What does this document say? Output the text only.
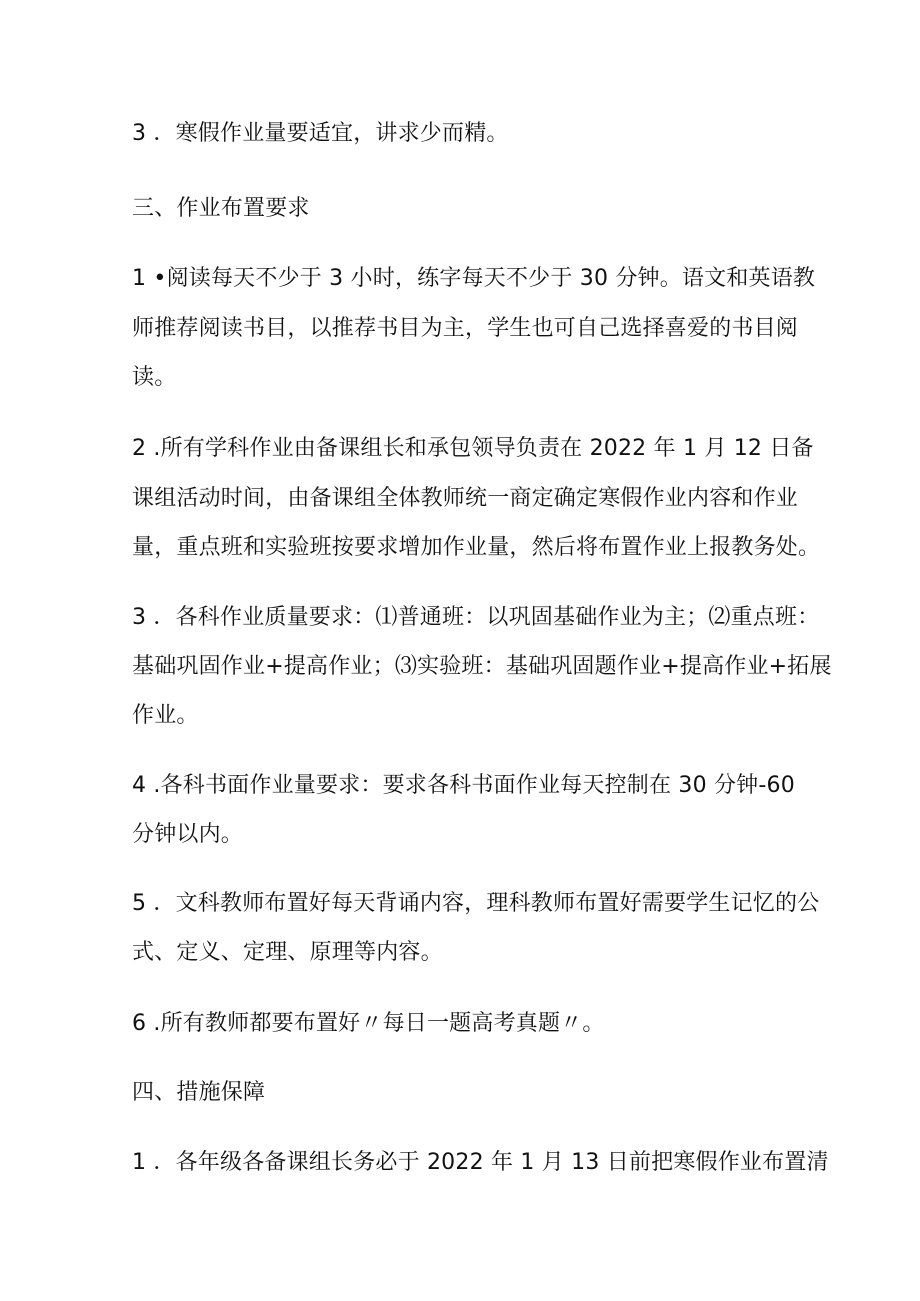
3 ．寒假作业量要适宜，讲求少而精。
三、作业布置要求
1 •阅读每天不少于 3 小时，练字每天不少于 30 分钟。语文和英语教
师推荐阅读书目，以推荐书目为主，学生也可自己选择喜爱的书目阅
读。
2 .所有学科作业由备课组长和承包领导负责在 2022 年 1 月 12 日备
课组活动时间，由备课组全体教师统一商定确定寒假作业内容和作业
量，重点班和实验班按要求增加作业量，然后将布置作业上报教务处。
3 ．各科作业质量要求：⑴普通班：以巩固基础作业为主；⑵重点班：
基础巩固作业+提高作业；⑶实验班：基础巩固题作业+提高作业+拓展
作业。
4 .各科书面作业量要求：要求各科书面作业每天控制在 30 分钟-60
分钟以内。
5 ．文科教师布置好每天背诵内容，理科教师布置好需要学生记忆的公
式、定义、定理、原理等内容。
6 .所有教师都要布置好〃每日一题高考真题〃。
四、措施保障
1 ．各年级各备课组长务必于 2022 年 1 月 13 日前把寒假作业布置清
